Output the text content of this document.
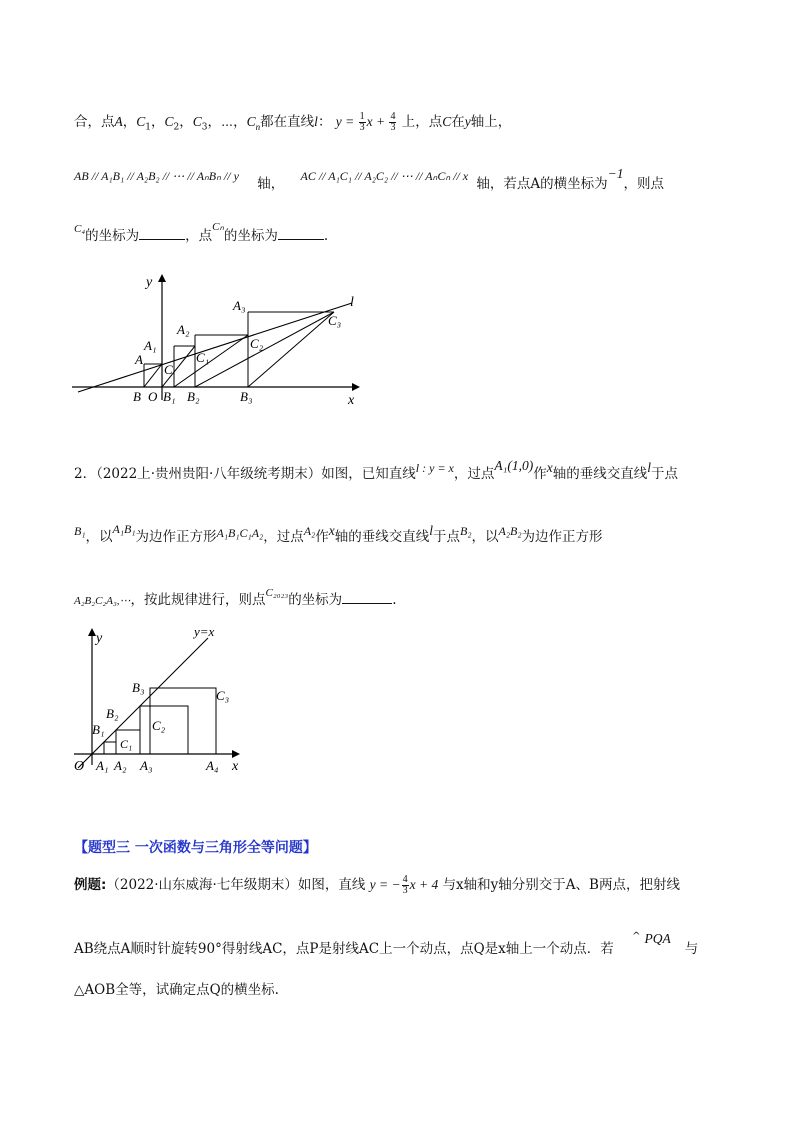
合，点A，$C_1$，$C_2$，$C_3$，⋯，$C_n$都在直线l： $y = \frac{1}{3}$ $x + \frac{4}{3}$ 上，点C在y轴上，
AB // A₁B₁ // A₂B₂ // ⋯ // AₙBₙ // y 轴， AC // A₁C₁ // A₂C₂ // ⋯ // AₙCₙ // x 轴，若点A的横坐标为−1，则点
$^{C_4}$的坐标为	，点$^{C_n}$的坐标为	.
y
x
l
A
A₁
A₂
A₃
B O B₁ B₂	B₃
C
C₁
C₂
C₃
2．（2022上·贵州贵阳·八年级统考期末）如图，已知直线l : y = x，过点A₁(1,0)作x轴的垂线交直线l于点
B₁，以A₁B₁为边作正方形A₁B₁C₁A₂，过点A₂作x轴的垂线交直线l于点B₂，以A₂B₂为边作正方形
A₂B₂C₂A₃,⋯，按此规律进行，则点$^{C_{2023}}$的坐标为	.
y	y=x
B₃
C₃
B₂
C₂
B₁
C₁
O A₁ A₂ A₃	A₄ x
【题型三 一次函数与三角形全等问题】
例题:（2022·山东威海·七年级期末）如图，直线 y = − $\frac{4}{3}$ x + 4 与x轴和y轴分别交于A、B两点，把射线
AB绕点A顺时针旋转90°得射线AC，点P是射线AC上一个动点，点Q是x轴上一个动点．若 ^ PQA与
△AOB全等，试确定点Q的横坐标.
